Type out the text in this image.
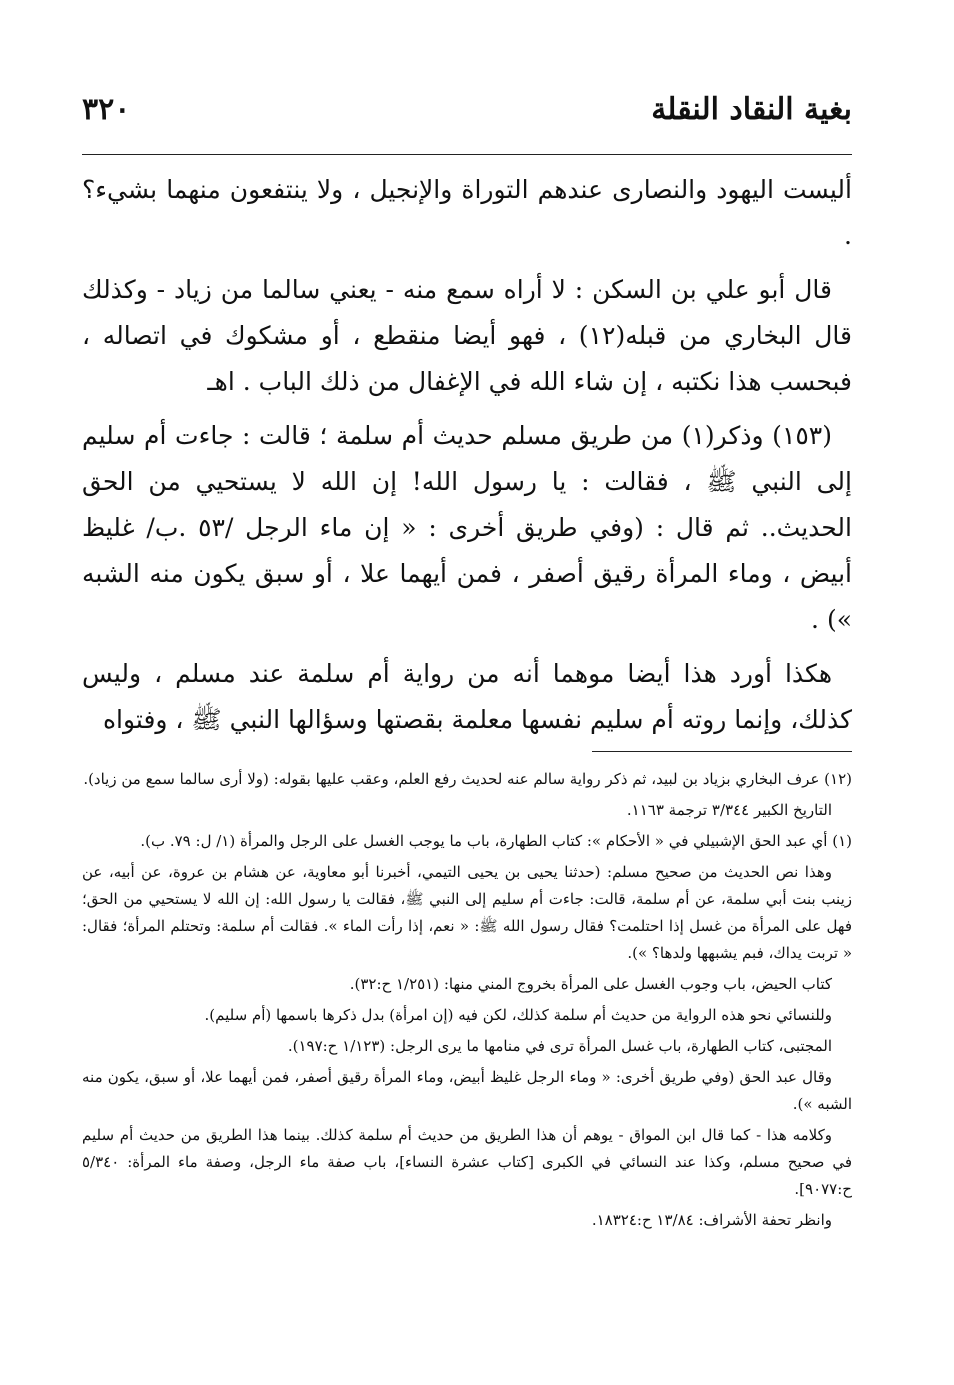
بغية النقاد النقلة
٣٢٠

أليست اليهود والنصارى عندهم التوراة والإنجيل ، ولا ينتفعون منهما بشيء؟ .

قال أبو علي بن السكن : لا أراه سمع منه - يعني سالما من زياد - وكذلك قال البخاري من قبله(١٢) ، فهو أيضا منقطع ، أو مشكوك في اتصاله ، فبحسب هذا نكتبه ، إن شاء الله في الإغفال من ذلك الباب . اهـ

(١٥٣) وذكر(١) من طريق مسلم حديث أم سلمة ؛ قالت : جاءت أم سليم إلى النبي ﷺ ، فقالت : يا رسول الله! إن الله لا يستحيي من الحق الحديث.. ثم قال : (وفي طريق أخرى : « إن ماء الرجل /٥٣ .ب/ غليظ أبيض ، وماء المرأة رقيق أصفر ، فمن أيهما علا ، أو سبق يكون منه الشبه ») .

هكذا أورد هذا أيضا موهما أنه من رواية أم سلمة عند مسلم ، وليس كذلك، وإنما روته أم سليم نفسها معلمة بقصتها وسؤالها النبي ﷺ ، وفتواه

(١٢) عرف البخاري بزياد بن لبيد، ثم ذكر رواية سالم عنه لحديث رفع العلم، وعقب عليها بقوله: (ولا أرى سالما سمع من زياد).

التاريخ الكبير ٣/٣٤٤ ترجمة ١١٦٣.

(١) أي عبد الحق الإشبيلي في « الأحكام »: كتاب الطهارة، باب ما يوجب الغسل على الرجل والمرأة (١/ ل: ٧٩. ب).

وهذا نص الحديث من صحيح مسلم: (حدثنا يحيى بن يحيى التيمي، أخبرنا أبو معاوية، عن هشام بن عروة، عن أبيه، عن زينب بنت أبي سلمة، عن أم سلمة، قالت: جاءت أم سليم إلى النبي ﷺ، فقالت يا رسول الله: إن الله لا يستحيي من الحق؛ فهل على المرأة من غسل إذا احتلمت؟ فقال رسول الله ﷺ: « نعم، إذا رأت الماء ». فقالت أم سلمة: وتحتلم المرأة؛ فقال: « تربت يداك، فبم يشبهها ولدها؟ »).

كتاب الحيض، باب وجوب الغسل على المرأة بخروج المني منها: (١/٢٥١ ح:٣٢).

وللنسائي نحو هذه الرواية من حديث أم سلمة كذلك، لكن فيه (إن امرأة) بدل ذكرها باسمها (أم سليم).

المجتبى، كتاب الطهارة، باب غسل المرأة ترى في منامها ما يرى الرجل: (١/١٢٣ ح:١٩٧).

وقال عبد الحق (وفي طريق أخرى: « وماء الرجل غليظ أبيض، وماء المرأة رقيق أصفر، فمن أيهما علا، أو سبق، يكون منه الشبه »).

وكلامه هذا - كما قال ابن المواق - يوهم أن هذا الطريق من حديث أم سلمة كذلك. بينما هذا الطريق من حديث أم سليم في صحيح مسلم، وكذا عند النسائي في الكبرى [كتاب عشرة النساء]، باب صفة ماء الرجل، وصفة ماء المرأة: ٥/٣٤٠ ح:٩٠٧٧].

وانظر تحفة الأشراف: ١٣/٨٤ ح:١٨٣٢٤.
